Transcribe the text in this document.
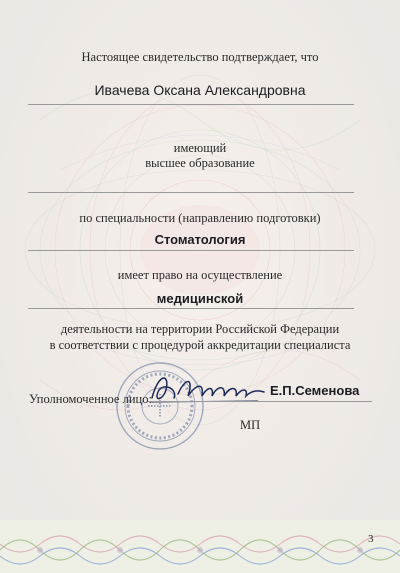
Настоящее свидетельство подтверждает, что
Ивачева Оксана Александровна
имеющий
высшее образование
по специальности (направлению подготовки)
Стоматология
имеет право на осуществление
медицинской
деятельности на территории Российской Федерации
в соответствии с процедурой аккредитации специалиста
Уполномоченное лицо:
Е.П.Семенова
МП
3
